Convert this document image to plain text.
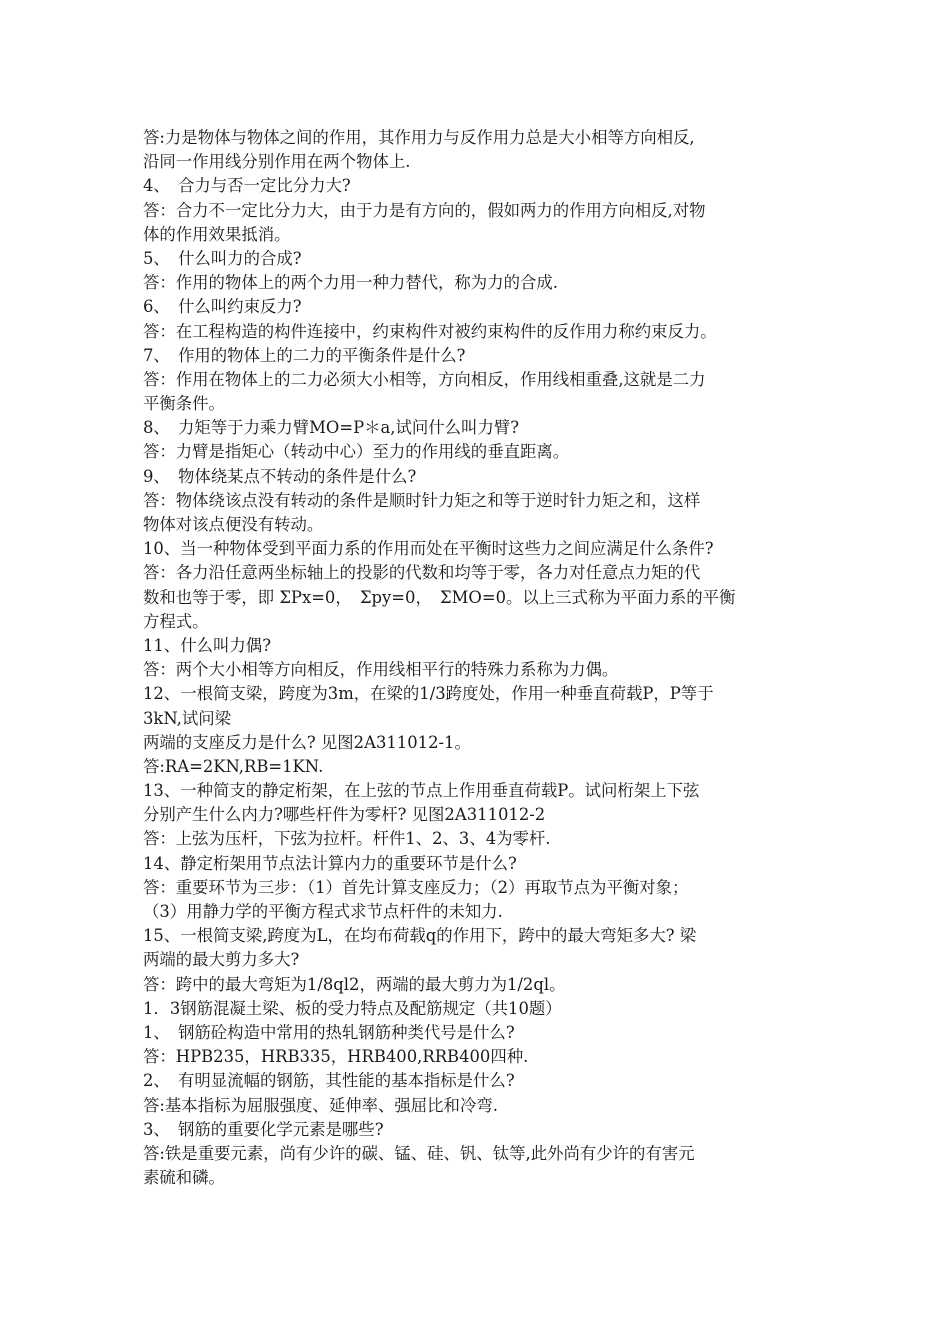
答:力是物体与物体之间的作用，其作用力与反作用力总是大小相等方向相反,
沿同一作用线分别作用在两个物体上.
4、　合力与否一定比分力大?
答：合力不一定比分力大，由于力是有方向的，假如两力的作用方向相反,对物
体的作用效果抵消。
5、　什么叫力的合成?
答：作用的物体上的两个力用一种力替代，称为力的合成.
6、　什么叫约束反力?
答：在工程构造的构件连接中，约束构件对被约束构件的反作用力称约束反力。
7、　作用的物体上的二力的平衡条件是什么?
答：作用在物体上的二力必须大小相等，方向相反，作用线相重叠,这就是二力
平衡条件。
8、　力矩等于力乘力臂MO=P＊a,试问什么叫力臂?
答：力臂是指矩心（转动中心）至力的作用线的垂直距离。
9、　物体绕某点不转动的条件是什么?
答：物体绕该点没有转动的条件是顺时针力矩之和等于逆时针力矩之和，这样
物体对该点便没有转动。
10、当一种物体受到平面力系的作用而处在平衡时这些力之间应满足什么条件?
答：各力沿任意两坐标轴上的投影的代数和均等于零，各力对任意点力矩的代
数和也等于零，即 ΣPx=0，　Σpy=0，　ΣMO=0。以上三式称为平面力系的平衡
方程式。
11、什么叫力偶?
答：两个大小相等方向相反，作用线相平行的特殊力系称为力偶。
12、一根简支梁，跨度为3m，在梁的1/3跨度处，作用一种垂直荷载P，P等于
3kN,试问梁
两端的支座反力是什么? 见图2A311012-1。
答:RA=2KN,RB=1KN.
13、一种简支的静定桁架，在上弦的节点上作用垂直荷载P。试问桁架上下弦
分别产生什么内力?哪些杆件为零杆? 见图2A311012-2
答：上弦为压杆，下弦为拉杆。杆件1、2、3、4为零杆.
14、静定桁架用节点法计算内力的重要环节是什么?
答：重要环节为三步：（1）首先计算支座反力；（2）再取节点为平衡对象；
（3）用静力学的平衡方程式求节点杆件的未知力.
15、一根简支梁,跨度为L，在均布荷载q的作用下，跨中的最大弯矩多大? 梁
两端的最大剪力多大?
答：跨中的最大弯矩为1/8ql2，两端的最大剪力为1/2ql。
1．3钢筋混凝土梁、板的受力特点及配筋规定（共10题）
1、　钢筋砼构造中常用的热轧钢筋种类代号是什么?
答：HPB235，HRB335，HRB400,RRB400四种.
2、　有明显流幅的钢筋，其性能的基本指标是什么?
答:基本指标为屈服强度、延伸率、强屈比和冷弯.
3、　钢筋的重要化学元素是哪些?
答:铁是重要元素，尚有少许的碳、锰、硅、钒、钛等,此外尚有少许的有害元
素硫和磷。
